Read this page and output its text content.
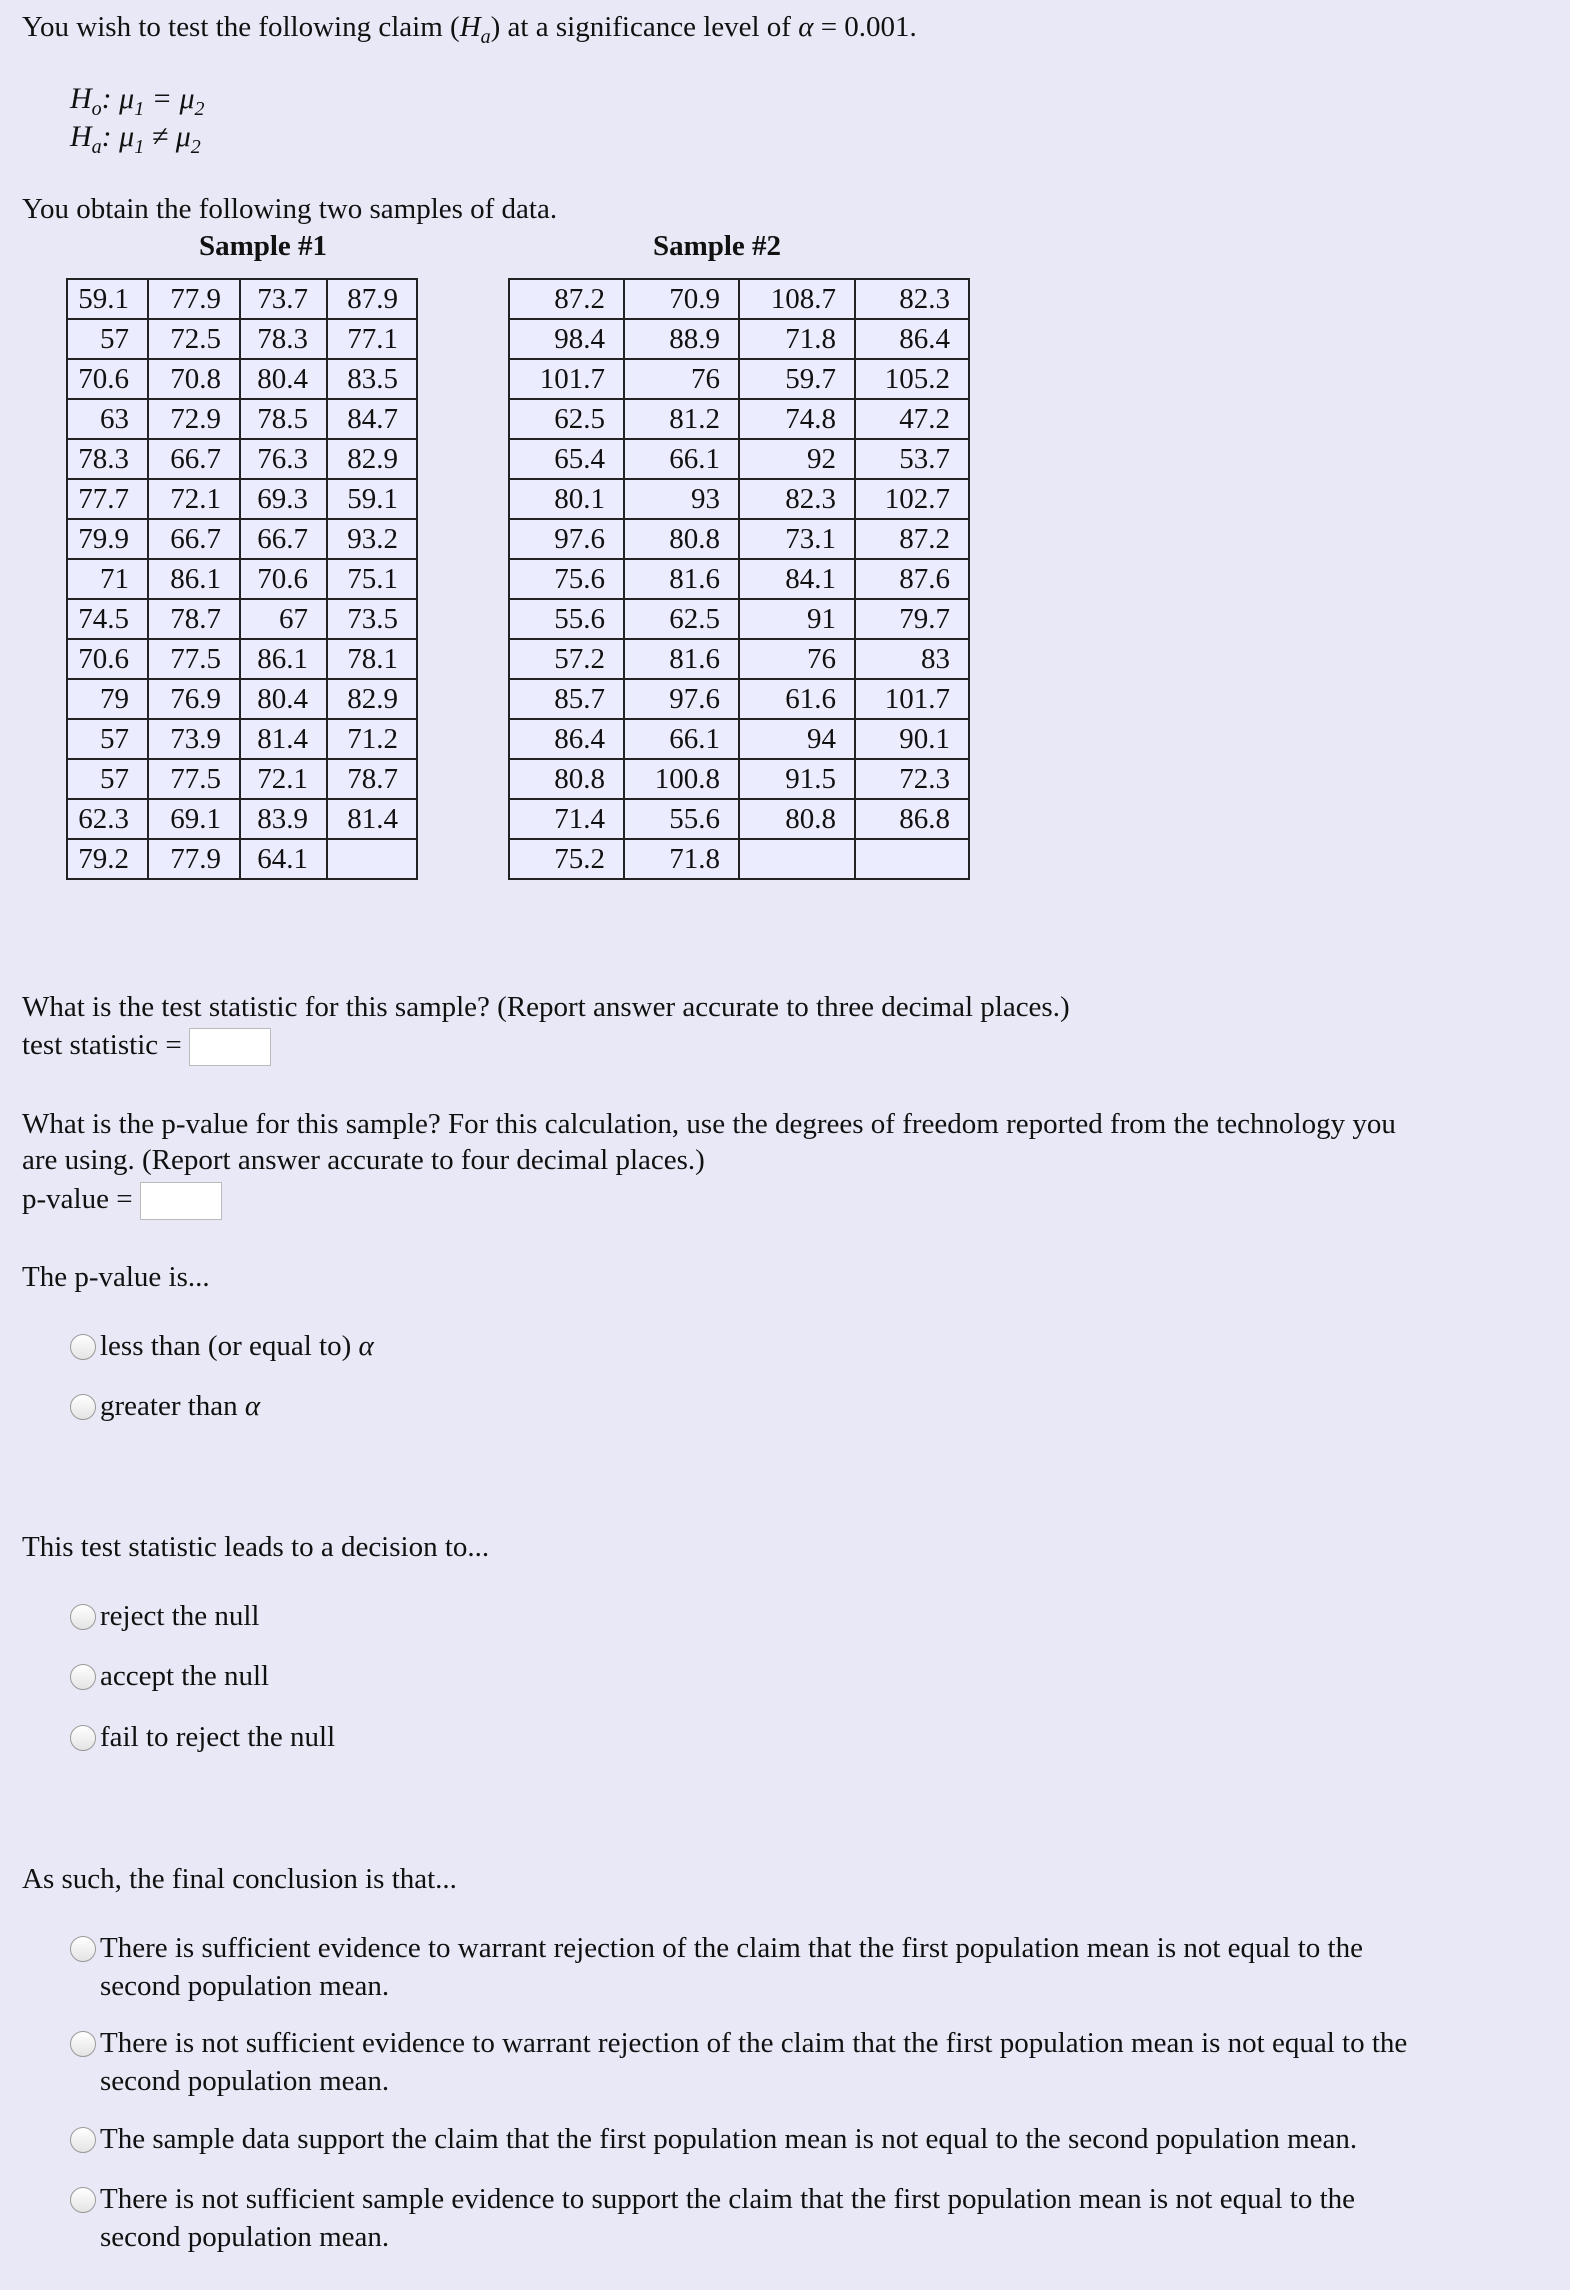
You wish to test the following claim $(H_a)$ at a significance level of α = 0.001.
$H_o$: $\mu_1 = \mu_2$
$H_a$: $\mu_1 \ne \mu_2$
You obtain the following two samples of data.
Sample #1	Sample #2
59.1	77.9	73.7	87.9
57	72.5	78.3	77.1
70.6	70.8	80.4	83.5
63	72.9	78.5	84.7
78.3	66.7	76.3	82.9
77.7	72.1	69.3	59.1
79.9	66.7	66.7	93.2
71	86.1	70.6	75.1
74.5	78.7	67	73.5
70.6	77.5	86.1	78.1
79	76.9	80.4	82.9
57	73.9	81.4	71.2
57	77.5	72.1	78.7
62.3	69.1	83.9	81.4
79.2	77.9	64.1	
87.2	70.9	108.7	82.3
98.4	88.9	71.8	86.4
101.7	76	59.7	105.2
62.5	81.2	74.8	47.2
65.4	66.1	92	53.7
80.1	93	82.3	102.7
97.6	80.8	73.1	87.2
75.6	81.6	84.1	87.6
55.6	62.5	91	79.7
57.2	81.6	76	83
85.7	97.6	61.6	101.7
86.4	66.1	94	90.1
80.8	100.8	91.5	72.3
71.4	55.6	80.8	86.8
75.2	71.8		
What is the test statistic for this sample? (Report answer accurate to three decimal places.)
test statistic =
What is the p-value for this sample? For this calculation, use the degrees of freedom reported from the technology you
are using. (Report answer accurate to four decimal places.)
p-value =
The p-value is...
less than (or equal to) α
greater than α
This test statistic leads to a decision to...
reject the null
accept the null
fail to reject the null
As such, the final conclusion is that...
There is sufficient evidence to warrant rejection of the claim that the first population mean is not equal to the
second population mean.
There is not sufficient evidence to warrant rejection of the claim that the first population mean is not equal to the
second population mean.
The sample data support the claim that the first population mean is not equal to the second population mean.
There is not sufficient sample evidence to support the claim that the first population mean is not equal to the
second population mean.
